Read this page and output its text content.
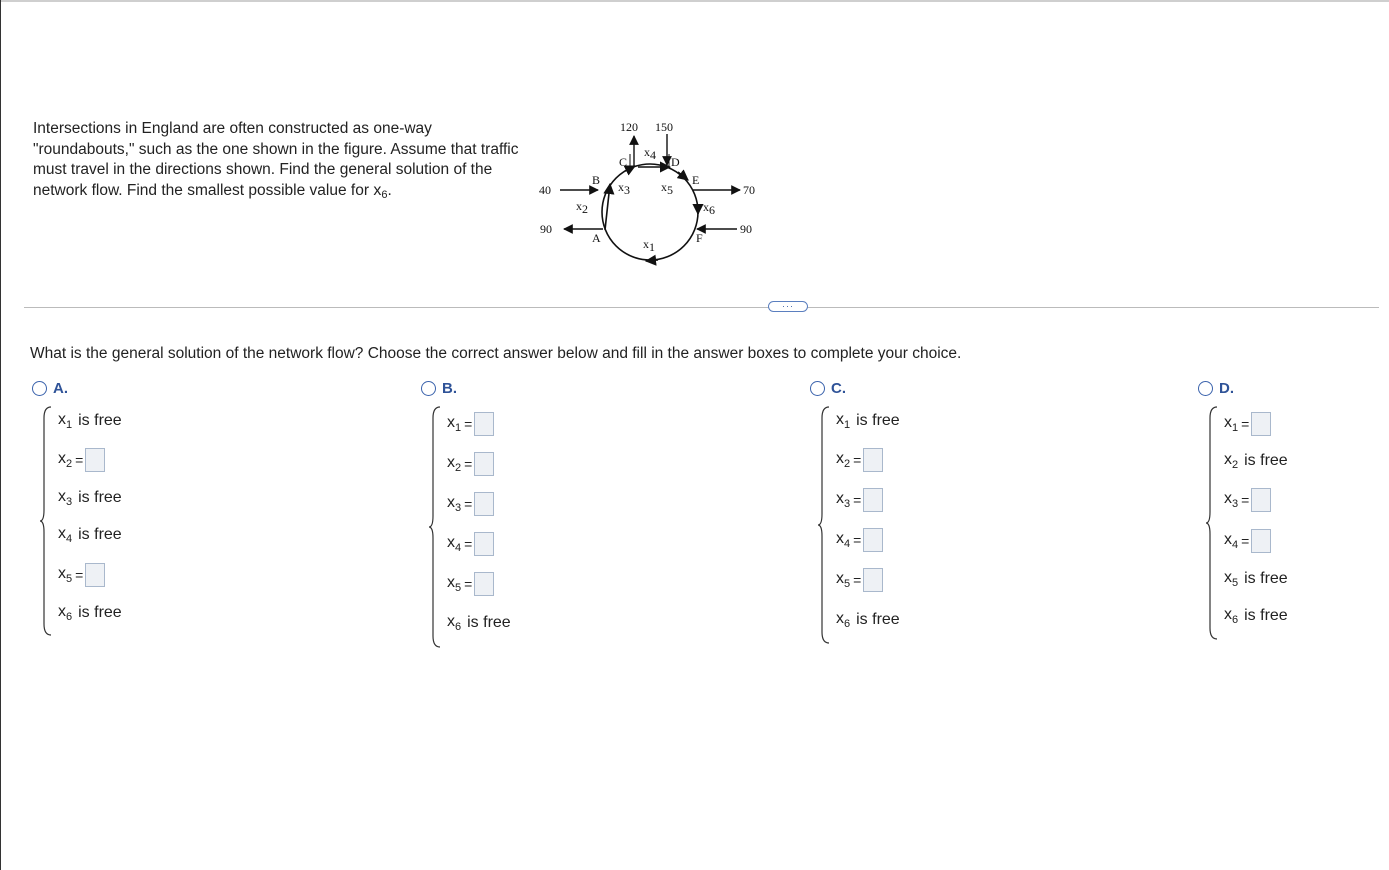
Intersections in England are often constructed as one-way "roundabouts," such as the one shown in the figure. Assume that traffic must travel in the directions shown. Find the general solution of the network flow. Find the smallest possible value for $x_6$.
120 150
40
90
70
90
A
B
C	D
E
F
x1
x2
x3
x4
x5
x6
···
What is the general solution of the network flow? Choose the correct answer below and fill in the answer boxes to complete your choice.
A.
$x_1$ is free
$x_2$ =
$x_3$ is free
$x_4$ is free
$x_5$ =
$x_6$ is free
B.
$x_1$ =
$x_2$ =
$x_3$ =
$x_4$ =
$x_5$ =
$x_6$ is free
C.
$x_1$ is free
$x_2$ =
$x_3$ =
$x_4$ =
$x_5$ =
$x_6$ is free
D.
$x_1$ =
$x_2$ is free
$x_3$ =
$x_4$ =
$x_5$ is free
$x_6$ is free
